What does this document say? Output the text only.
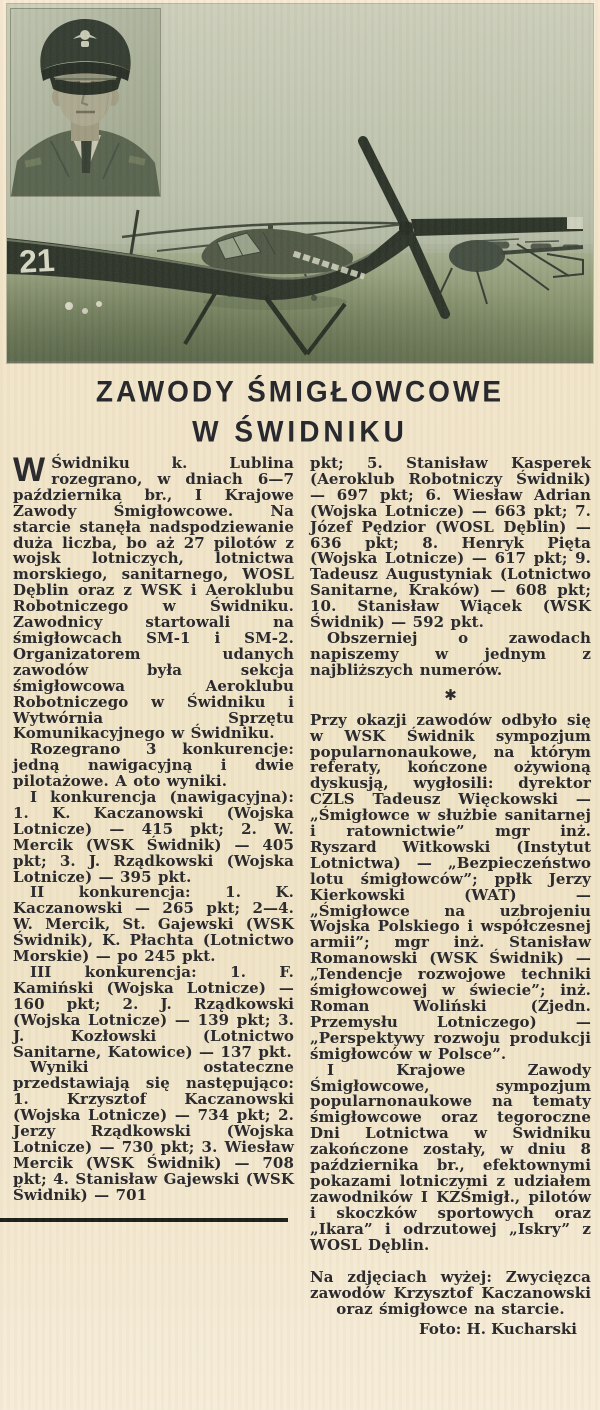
ZAWODY ŚMIGŁOWCOWE
W ŚWIDNIKU

W Świdniku k. Lublina rozegrano, w dniach 6—7 października br., I Krajowe Zawody Śmigłowcowe. Na starcie stanęła nadspodziewanie duża liczba, bo aż 27 pilotów z wojsk lotniczych, lotnictwa morskiego, sanitarnego, WOSL Dęblin oraz z WSK i Aeroklubu Robotniczego w Świdniku. Zawodnicy startowali na śmigłowcach SM-1 i SM-2. Organizatorem udanych zawodów była sekcja śmigłowcowa Aeroklubu Robotniczego w Świdniku i Wytwórnia Sprzętu Komunikacyjnego w Świdniku.

Rozegrano 3 konkurencje: jedną nawigacyjną i dwie pilotażowe. A oto wyniki.

I konkurencja (nawigacyjna): 1. K. Kaczanowski (Wojska Lotnicze) — 415 pkt; 2. W. Mercik (WSK Świdnik) — 405 pkt; 3. J. Rządkowski (Wojska Lotnicze) — 395 pkt.

II konkurencja: 1. K. Kaczanowski — 265 pkt; 2—4. W. Mercik, St. Gajewski (WSK Świdnik), K. Płachta (Lotnictwo Morskie) — po 245 pkt.

III konkurencja: 1. F. Kamiński (Wojska Lotnicze) — 160 pkt; 2. J. Rządkowski (Wojska Lotnicze) — 139 pkt; 3. J. Kozłowski (Lotnictwo Sanitarne, Katowice) — 137 pkt.

Wyniki ostateczne przedstawiają się następująco: 1. Krzysztof Kaczanowski (Wojska Lotnicze) — 734 pkt; 2. Jerzy Rządkowski (Wojska Lotnicze) — 730 pkt; 3. Wiesław Mercik (WSK Świdnik) — 708 pkt; 4. Stanisław Gajewski (WSK Świdnik) — 701

pkt; 5. Stanisław Kasperek (Aeroklub Robotniczy Świdnik) — 697 pkt; 6. Wiesław Adrian (Wojska Lotnicze) — 663 pkt; 7. Józef Pędzior (WOSL Dęblin) — 636 pkt; 8. Henryk Pięta (Wojska Lotnicze) — 617 pkt; 9. Tadeusz Augustyniak (Lotnictwo Sanitarne, Kraków) — 608 pkt; 10. Stanisław Wiącek (WSK Świdnik) — 592 pkt.

Obszerniej o zawodach napiszemy w jednym z najbliższych numerów.

✱

Przy okazji zawodów odbyło się w WSK Świdnik sympozjum popularnonaukowe, na którym referaty, kończone ożywioną dyskusją, wygłosili: dyrektor CZLS Tadeusz Więckowski — „Śmigłowce w służbie sanitarnej i ratownictwie” mgr inż. Ryszard Witkowski (Instytut Lotnictwa) — „Bezpieczeństwo lotu śmigłowców”; ppłk Jerzy Kierkowski (WAT) — „Śmigłowce na uzbrojeniu Wojska Polskiego i współczesnej armii”; mgr inż. Stanisław Romanowski (WSK Świdnik) — „Tendencje rozwojowe techniki śmigłowcowej w świecie”; inż. Roman Woliński (Zjedn. Przemysłu Lotniczego) — „Perspektywy rozwoju produkcji śmigłowców w Polsce”.

I Krajowe Zawody Śmigłowcowe, sympozjum popularnonaukowe na tematy śmigłowcowe oraz tegoroczne Dni Lotnictwa w Świdniku zakończone zostały, w dniu 8 października br., efektownymi pokazami lotniczymi z udziałem zawodników I KZŚmigł., pilotów i skoczków sportowych oraz „Ikara” i odrzutowej „Iskry” z WOSL Dęblin.

Na zdjęciach wyżej: Zwycięzca zawodów Krzysztof Kaczanowski oraz śmigłowce na starcie.

Foto: H. Kucharski
